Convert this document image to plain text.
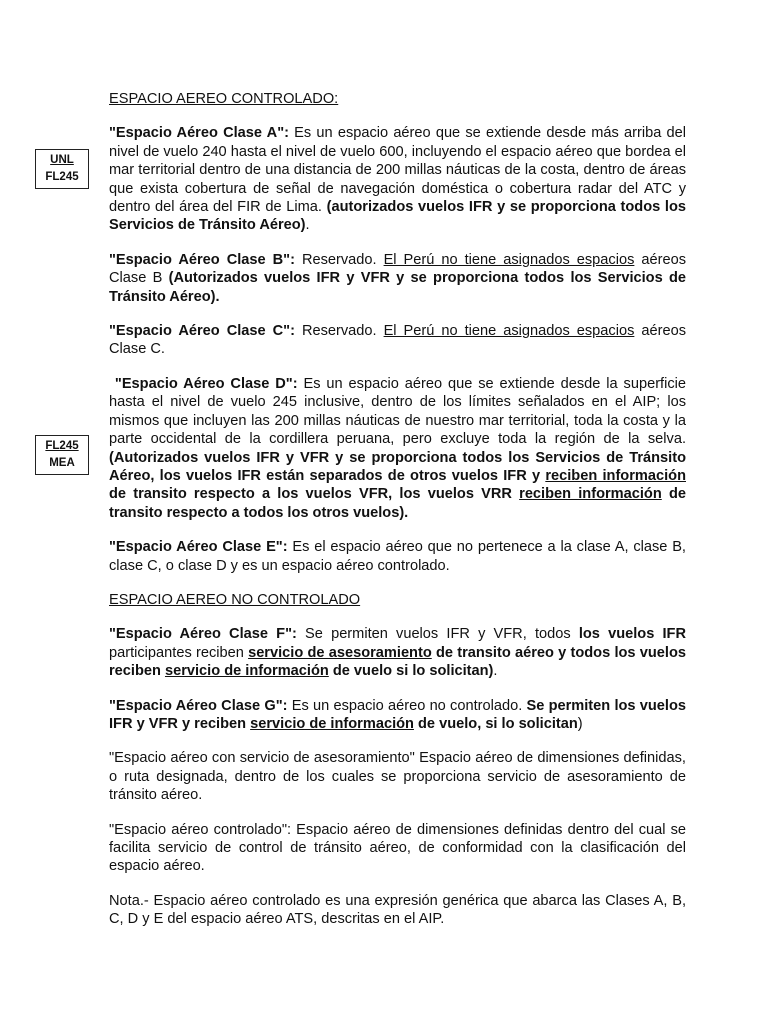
UNL
FL245
FL245
MEA

ESPACIO AEREO CONTROLADO:

"Espacio Aéreo Clase A": Es un espacio aéreo que se extiende desde más arriba del nivel de vuelo 240 hasta el nivel de vuelo 600, incluyendo el espacio aéreo que bordea el mar territorial dentro de una distancia de 200 millas náuticas de la costa, dentro de áreas que exista cobertura de señal de navegación doméstica o cobertura radar del ATC y dentro del área del FIR de Lima. (autorizados vuelos IFR y se proporciona todos los Servicios de Tránsito Aéreo).

"Espacio Aéreo Clase B": Reservado. El Perú no tiene asignados espacios aéreos Clase B (Autorizados vuelos IFR y VFR y se proporciona todos los Servicios de Tránsito Aéreo).

"Espacio Aéreo Clase C": Reservado. El Perú no tiene asignados espacios aéreos Clase C.

"Espacio Aéreo Clase D": Es un espacio aéreo que se extiende desde la superficie hasta el nivel de vuelo 245 inclusive, dentro de los límites señalados en el AIP; los mismos que incluyen las 200 millas náuticas de nuestro mar territorial, toda la costa y la parte occidental de la cordillera peruana, pero excluye toda la región de la selva. (Autorizados vuelos IFR y VFR y se proporciona todos los Servicios de Tránsito Aéreo, los vuelos IFR están separados de otros vuelos IFR y reciben información de transito respecto a los vuelos VFR, los vuelos VRR reciben información de transito respecto a todos los otros vuelos).

"Espacio Aéreo Clase E": Es el espacio aéreo que no pertenece a la clase A, clase B, clase C, o clase D y es un espacio aéreo controlado.

ESPACIO AEREO NO CONTROLADO

"Espacio Aéreo Clase F": Se permiten vuelos IFR y VFR, todos los vuelos IFR participantes reciben servicio de asesoramiento de transito aéreo y todos los vuelos reciben servicio de información de vuelo si lo solicitan).

"Espacio Aéreo Clase G": Es un espacio aéreo no controlado. Se permiten los vuelos IFR y VFR y reciben servicio de información de vuelo, si lo solicitan)

"Espacio aéreo con servicio de asesoramiento" Espacio aéreo de dimensiones definidas, o ruta designada, dentro de los cuales se proporciona servicio de asesoramiento de tránsito aéreo.

"Espacio aéreo controlado": Espacio aéreo de dimensiones definidas dentro del cual se facilita servicio de control de tránsito aéreo, de conformidad con la clasificación del espacio aéreo.

Nota.- Espacio aéreo controlado es una expresión genérica que abarca las Clases A, B, C, D y E del espacio aéreo ATS, descritas en el AIP.
